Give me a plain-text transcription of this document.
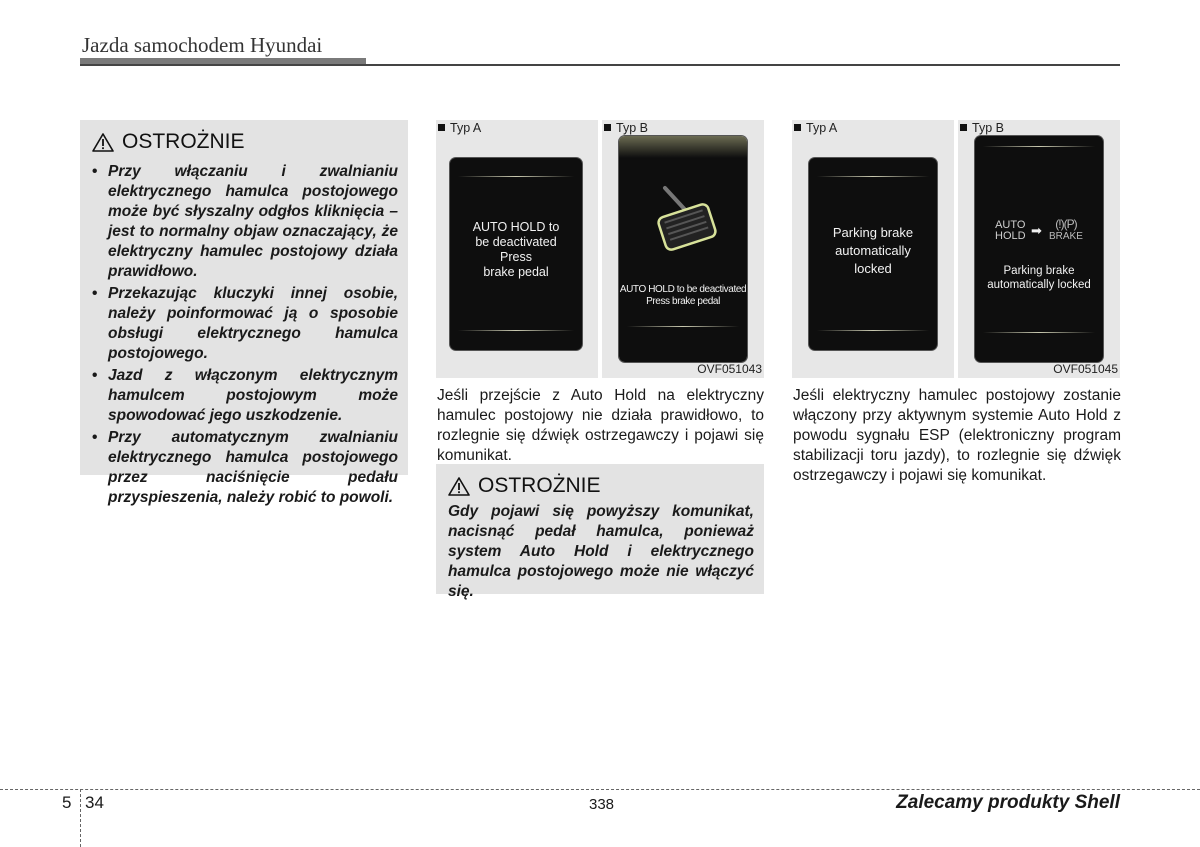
Jazda samochodem Hyundai
OSTROŻNIE
• Przy włączaniu i zwalnianiu elektrycznego hamulca postojowego może być słyszalny odgłos kliknięcia – jest to normalny objaw oznaczający, że elektryczny hamulec postojowy działa prawidłowo.
• Przekazując kluczyki innej osobie, należy poinformować ją o sposobie obsługi elektrycznego hamulca postojowego.
• Jazd z włączonym elektrycznym hamulcem postojowym może spowodować jego uszkodzenie.
• Przy automatycznym zwalnianiu elektrycznego hamulca postojowego przez naciśnięcie pedału przyspieszenia, należy robić to powoli.
Typ A
AUTO HOLD to
be deactivated
Press
brake pedal
Typ B
AUTO HOLD to be deactivated
Press brake pedal
OVF051043
Jeśli przejście z Auto Hold na elektryczny hamulec postojowy nie działa prawidłowo, to rozlegnie się dźwięk ostrzegawczy i pojawi się komunikat.
OSTROŻNIE
Gdy pojawi się powyższy komunikat, nacisnąć pedał hamulca, ponieważ system Auto Hold i elektrycznego hamulca postojowego może nie włączyć się.
Typ A
Parking brake
automatically
locked
Typ B
AUTO
HOLD ➡	(!)(P)
BRAKE
Parking brake
automatically locked
OVF051045
Jeśli elektryczny hamulec postojowy zostanie włączony przy aktywnym systemie Auto Hold z powodu sygnału ESP (elektroniczny program stabilizacji toru jazdy), to rozlegnie się dźwięk ostrzegawczy i pojawi się komunikat.
5 34	338	Zalecamy produkty Shell
